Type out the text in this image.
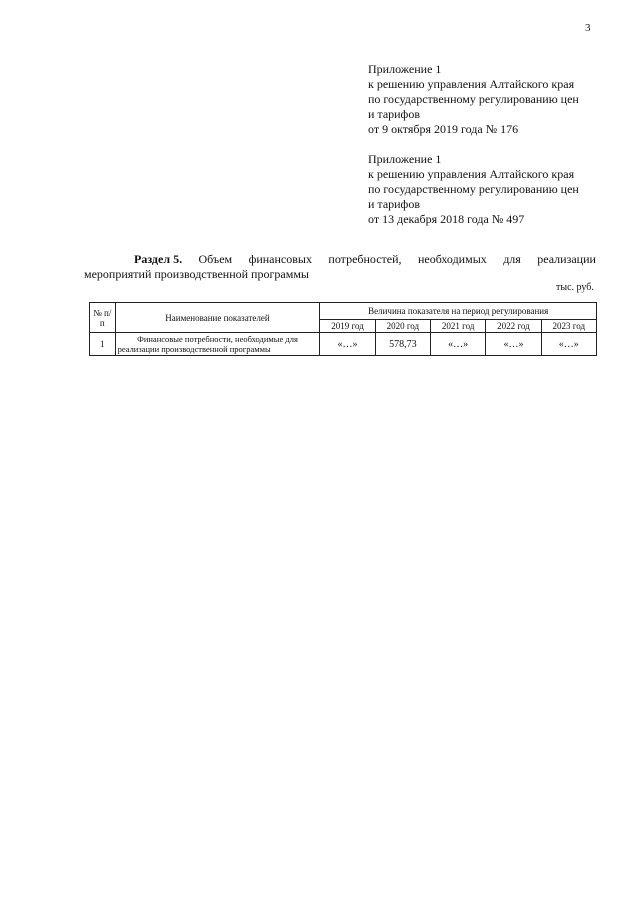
3
Приложение 1
к решению управления Алтайского края
по государственному регулированию цен
и тарифов
от 9 октября 2019 года № 176
Приложение 1
к решению управления Алтайского края
по государственному регулированию цен
и тарифов
от 13 декабря 2018 года № 497
Раздел 5. Объем финансовых потребностей, необходимых для реализации
мероприятий производственной программы
тыс. руб.
№ п/п	Наименование показателей	Величина показателя на период регулирования				
		2019 год	2020 год	2021 год	2022 год	2023 год
1	Финансовые потребности, необходимые для реализации производственной программы	«…»	578,73	«…»	«…»	«…»
